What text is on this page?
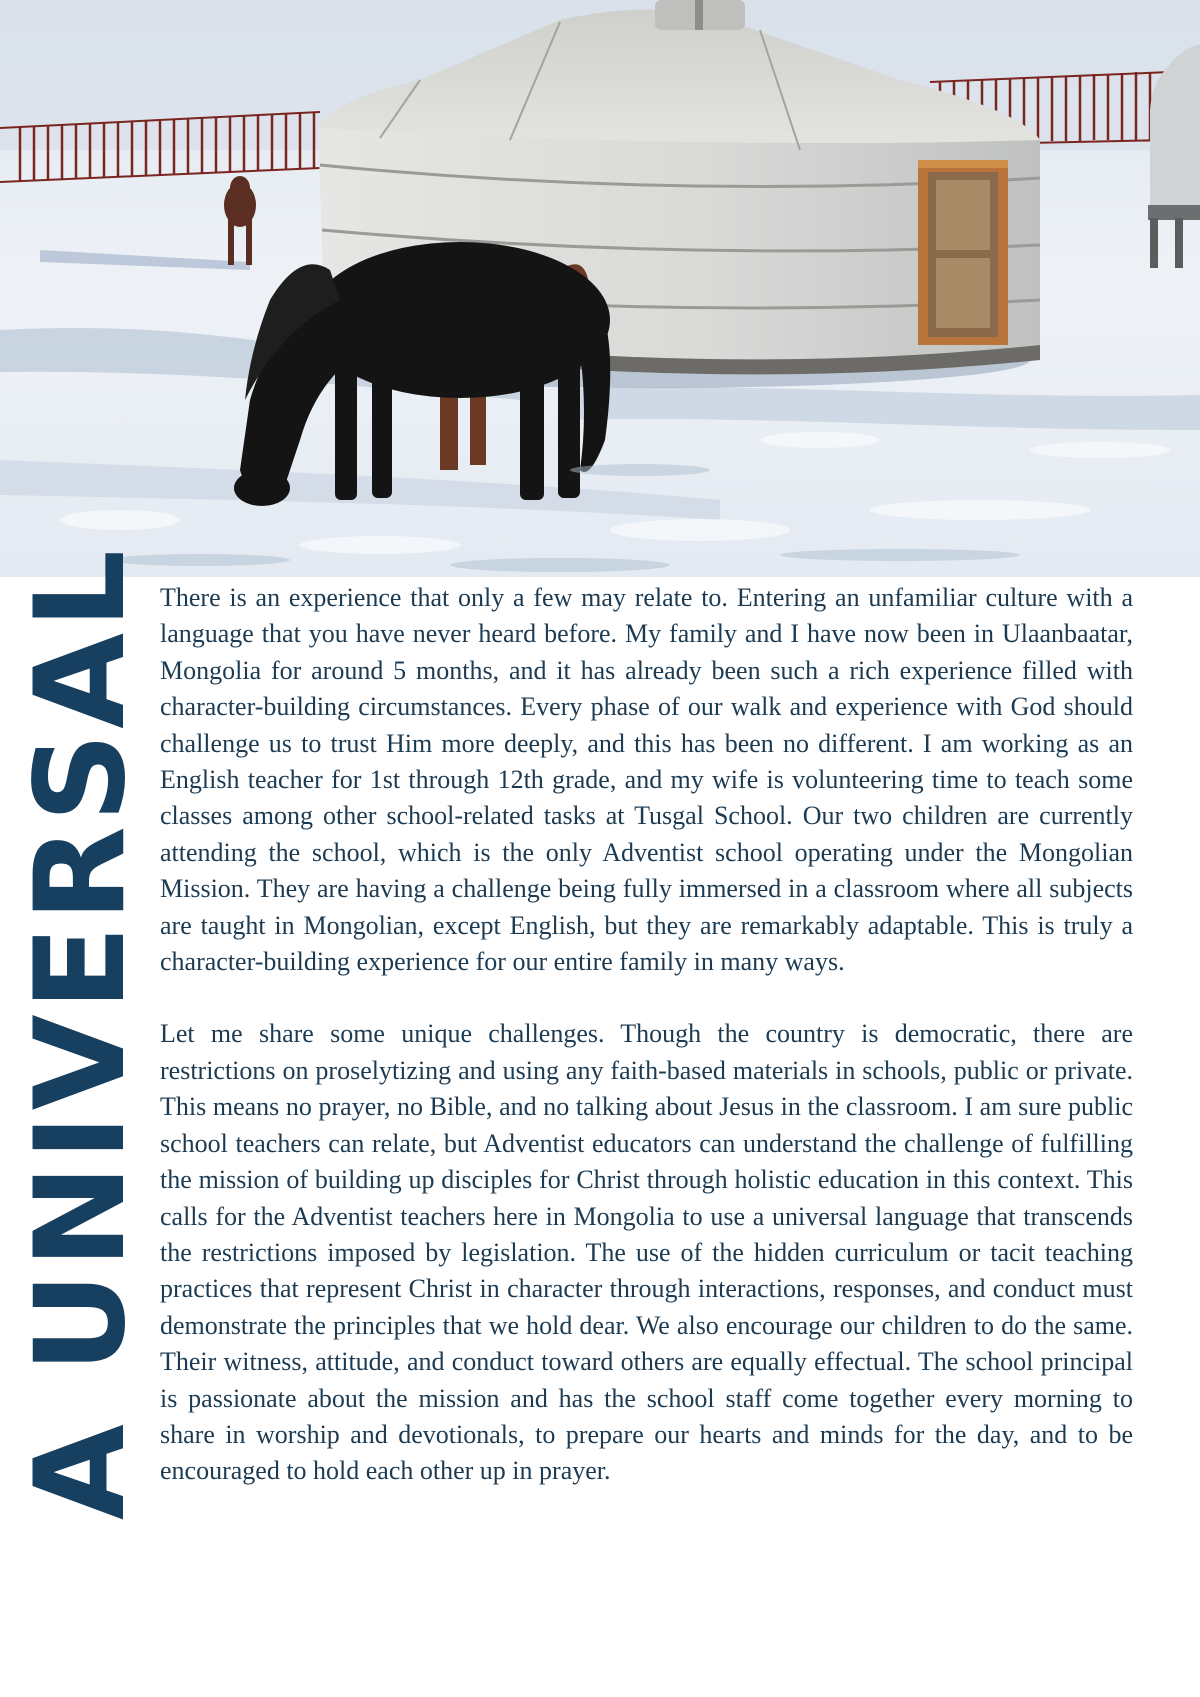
A UNIVERSAL There is an experience that only a few may relate to. Entering an unfamiliar culture with a language that you have never heard before. My family and I have now been in Ulaanbaatar, Mongolia for around 5 months, and it has already been such a rich experience filled with character-building circumstances. Every phase of our walk and experience with God should challenge us to trust Him more deeply, and this has been no different. I am working as an English teacher for 1st through 12th grade, and my wife is volunteering time to teach some classes among other school-related tasks at Tusgal School. Our two children are currently attending the school, which is the only Adventist school operating under the Mongolian Mission. They are having a challenge being fully immersed in a classroom where all subjects are taught in Mongolian, except English, but they are remarkably adaptable. This is truly a character-building experience for our entire family in many ways.

Let me share some unique challenges. Though the country is democratic, there are restrictions on proselytizing and using any faith-based materials in schools, public or private. This means no prayer, no Bible, and no talking about Jesus in the classroom. I am sure public school teachers can relate, but Adventist educators can understand the challenge of fulfilling the mission of building up disciples for Christ through holistic education in this context. This calls for the Adventist teachers here in Mongolia to use a universal language that transcends the restrictions imposed by legislation. The use of the hidden curriculum or tacit teaching practices that represent Christ in character through interactions, responses, and conduct must demonstrate the principles that we hold dear. We also encourage our children to do the same. Their witness, attitude, and conduct toward others are equally effectual. The school principal is passionate about the mission and has the school staff come together every morning to share in worship and devotionals, to prepare our hearts and minds for the day, and to be encouraged to hold each other up in prayer.
